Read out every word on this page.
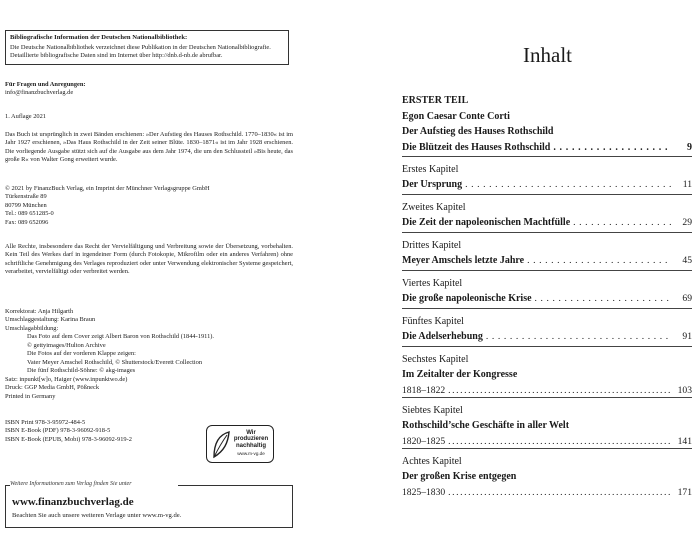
Bibliografische Information der Deutschen Nationalbibliothek:
Die Deutsche Nationalbibliothek verzeichnet diese Publikation in der Deutschen Nationalbibliografie.
Detaillierte bibliografische Daten sind im Internet über http://dnb.d-nb.de abrufbar.
Für Fragen und Anregungen:
info@finanzbuchverlag.de
1. Auflage 2021
Das Buch ist ursprünglich in zwei Bänden erschienen: »Der Aufstieg des Hauses Rothschild. 1770–1830« ist im Jahr 1927 erschienen, »Das Haus Rothschild in der Zeit seiner Blüte. 1830–1871« ist im Jahr 1928 erschienen. Die vorliegende Ausgabe stützt sich auf die Ausgabe aus dem Jahr 1974, die um den Schlussteil »Bis heute, das große R« von Walter Gong erweitert wurde.
© 2021 by FinanzBuch Verlag, ein Imprint der Münchner Verlagsgruppe GmbH
Türkenstraße 89
80799 München
Tel.: 089 651285-0
Fax: 089 652096
Alle Rechte, insbesondere das Recht der Vervielfältigung und Verbreitung sowie der Übersetzung, vorbehalten. Kein Teil des Werkes darf in irgendeiner Form (durch Fotokopie, Mikrofilm oder ein anderes Verfahren) ohne schriftliche Genehmigung des Verlages reproduziert oder unter Verwendung elektronischer Systeme gespeichert, verarbeitet, vervielfältigt oder verbreitet werden.
Korrektorat: Anja Hilgarth
Umschlaggestaltung: Karina Braun
Umschlagabbildung:
Das Foto auf dem Cover zeigt Albert Baron von Rothschild (1844-1911).
© gettyimages/Hulton Archive
Die Fotos auf der vorderen Klappe zeigen:
Vater Meyer Amschel Rothschild, © Shutterstock/Everett Collection
Die fünf Rothschild-Söhne: © akg-images
Satz: inpunkt[w]o, Haiger (www.inpunktwo.de)
Druck: GGP Media GmbH, Pößneck
Printed in Germany
ISBN Print 978-3-95972-484-5
ISBN E-Book (PDF) 978-3-96092-918-5
ISBN E-Book (EPUB, Mobi) 978-3-96092-919-2
Wir produzieren
nachhaltig
www.m-vg.de
Weitere Informationen zum Verlag finden Sie unter
www.finanzbuchverlag.de
Beachten Sie auch unsere weiteren Verlage unter www.m-vg.de.
Inhalt
ERSTER TEIL
Egon Caesar Conte Corti
Der Aufstieg des Hauses Rothschild
Die Blützeit des Hauses Rothschild . . .	9
Erstes Kapitel
Der Ursprung . . .	11
Zweites Kapitel
Die Zeit der napoleonischen Machtfülle . . .	29
Drittes Kapitel
Meyer Amschels letzte Jahre . . .	45
Viertes Kapitel
Die große napoleonische Krise . . .	69
Fünftes Kapitel
Die Adelserhebung . . .	91
Sechstes Kapitel
Im Zeitalter der Kongresse
1818–1822 . . .	103
Siebtes Kapitel
Rothschild’sche Geschäfte in aller Welt
1820–1825 . . .	141
Achtes Kapitel
Der großen Krise entgegen
1825–1830 . . .	171
